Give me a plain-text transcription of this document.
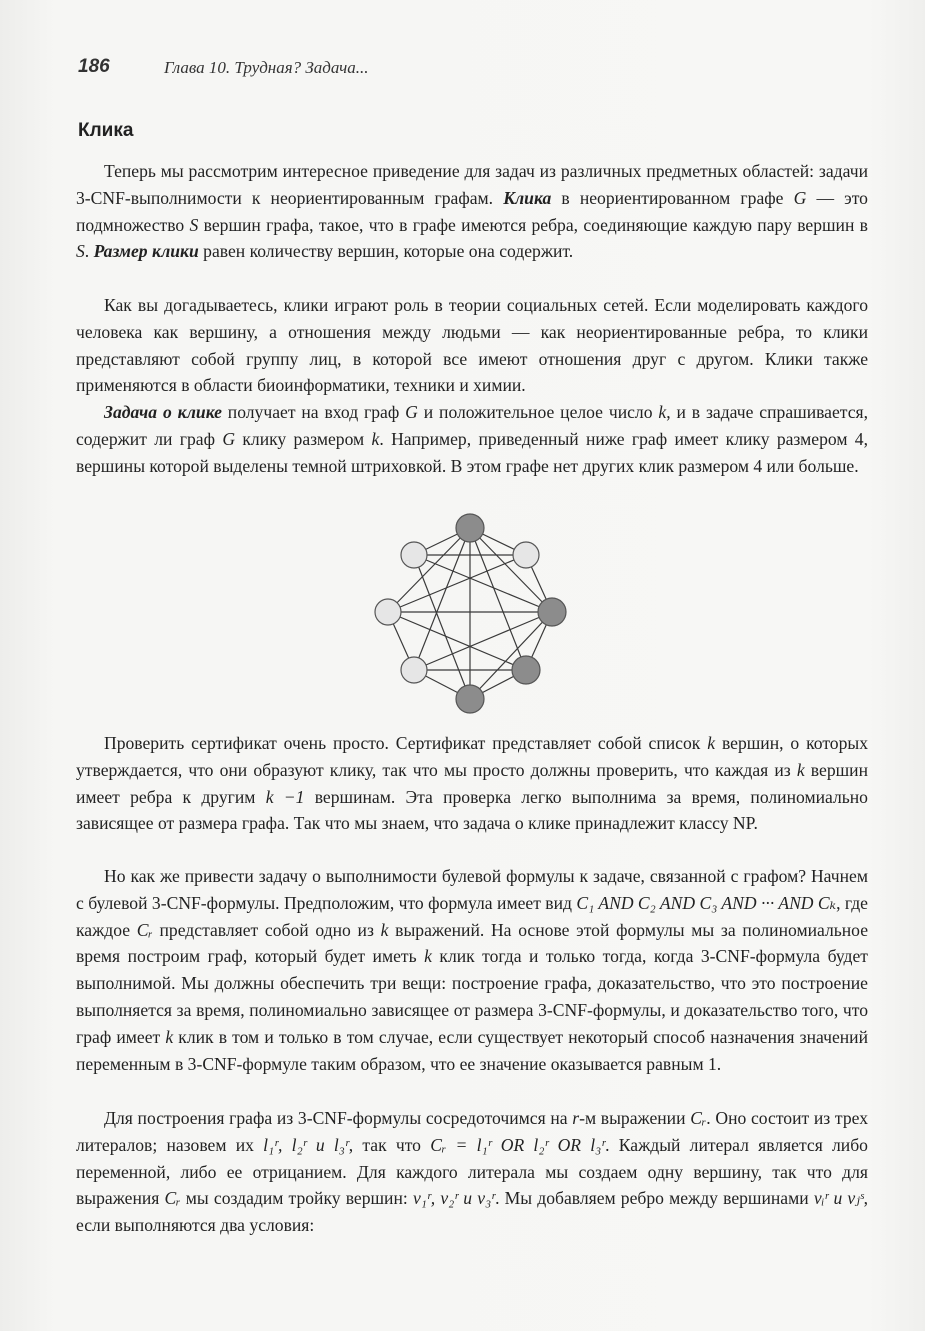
186	Глава 10. Трудная? Задача...
Клика

Теперь мы рассмотрим интересное приведение для задач из различных предметных областей: задачи 3-CNF-выполнимости к неориентированным графам. Клика в неориентированном графе G — это подмножество S вершин графа, такое, что в графе имеются ребра, соединяющие каждую пару вершин в S. Размер клики равен количеству вершин, которые она содержит.

Как вы догадываетесь, клики играют роль в теории социальных сетей. Если моделировать каждого человека как вершину, а отношения между людьми — как неориентированные ребра, то клики представляют собой группу лиц, в которой все имеют отношения друг с другом. Клики также применяются в области биоинформатики, техники и химии.

Задача о клике получает на вход граф G и положительное целое число k, и в задаче спрашивается, содержит ли граф G клику размером k. Например, приведенный ниже граф имеет клику размером 4, вершины которой выделены темной штриховкой. В этом графе нет других клик размером 4 или больше.

Проверить сертификат очень просто. Сертификат представляет собой список k вершин, о которых утверждается, что они образуют клику, так что мы просто должны проверить, что каждая из k вершин имеет ребра к другим k −1 вершинам. Эта проверка легко выполнима за время, полиномиально зависящее от размера графа. Так что мы знаем, что задача о клике принадлежит классу NP.

Но как же привести задачу о выполнимости булевой формулы к задаче, связанной с графом? Начнем с булевой 3-CNF-формулы. Предположим, что формула имеет вид C₁ AND C₂ AND C₃ AND ··· AND Cₖ, где каждое Cᵣ представляет собой одно из k выражений. На основе этой формулы мы за полиномиальное время построим граф, который будет иметь k клик тогда и только тогда, когда 3-CNF-формула будет выполнимой. Мы должны обеспечить три вещи: построение графа, доказательство, что это построение выполняется за время, полиномиально зависящее от размера 3-CNF-формулы, и доказательство того, что граф имеет k клик в том и только в том случае, если существует некоторый способ назначения значений переменным в 3-CNF-формуле таким образом, что ее значение оказывается равным 1.

Для построения графа из 3-CNF-формулы сосредоточимся на r-м выражении Cᵣ. Оно состоит из трех литералов; назовем их l₁ʳ, l₂ʳ и l₃ʳ, так что Cᵣ = l₁ʳ OR l₂ʳ OR l₃ʳ. Каждый литерал является либо переменной, либо ее отрицанием. Для каждого литерала мы создаем одну вершину, так что для выражения Cᵣ мы создадим тройку вершин: v₁ʳ, v₂ʳ и v₃ʳ. Мы добавляем ребро между вершинами vᵢʳ и vⱼˢ, если выполняются два условия:
